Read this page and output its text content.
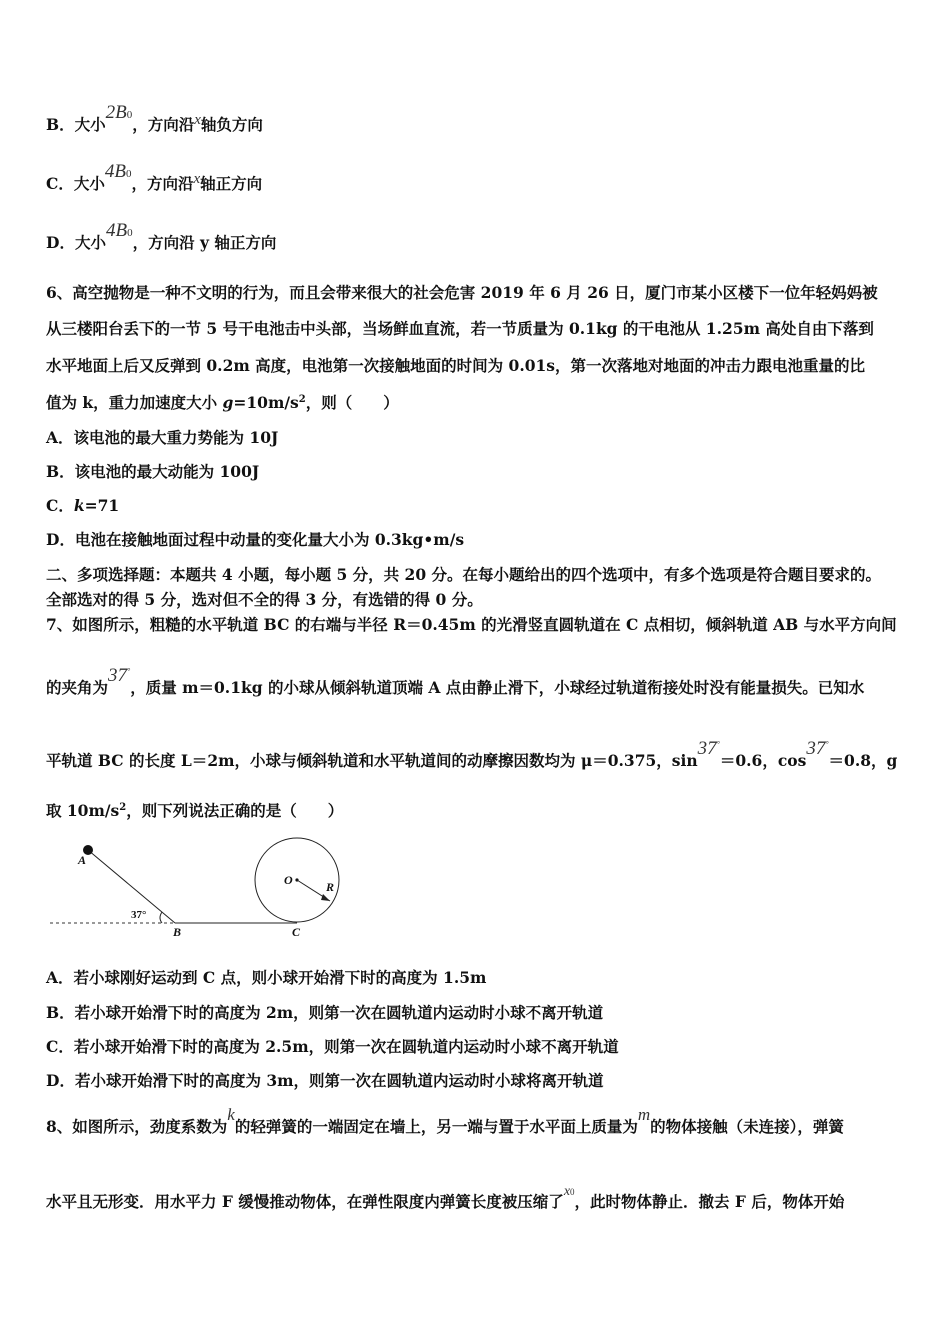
B．大小2B0，方向沿x轴负方向
C．大小4B0，方向沿x轴正方向
D．大小4B0，方向沿 y 轴正方向
6、高空抛物是一种不文明的行为，而且会带来很大的社会危害 2019 年 6 月 26 日，厦门市某小区楼下一位年轻妈妈被
从三楼阳台丢下的一节 5 号干电池击中头部，当场鲜血直流，若一节质量为 0.1kg 的干电池从 1.25m 高处自由下落到
水平地面上后又反弹到 0.2m 高度，电池第一次接触地面的时间为 0.01s，第一次落地对地面的冲击力跟电池重量的比
值为 k，重力加速度大小 $g=10m/s^2$，则（　　）
A．该电池的最大重力势能为 10J
B．该电池的最大动能为 100J
C．k=71
D．电池在接触地面过程中动量的变化量大小为 0.3kg•m/s
二、多项选择题：本题共 4 小题，每小题 5 分，共 20 分。在每小题给出的四个选项中，有多个选项是符合题目要求的。
全部选对的得 5 分，选对但不全的得 3 分，有选错的得 0 分。
7、如图所示，粗糙的水平轨道 BC 的右端与半径 R＝0.45m 的光滑竖直圆轨道在 C 点相切，倾斜轨道 AB 与水平方向间
的夹角为37°，质量 m＝0.1kg 的小球从倾斜轨道顶端 A 点由静止滑下，小球经过轨道衔接处时没有能量损失。已知水
平轨道 BC 的长度 L＝2m，小球与倾斜轨道和水平轨道间的动摩擦因数均为 μ＝0.375，sin37°＝0.6，cos37°＝0.8，g
取 $10m/s^2$，则下列说法正确的是（　　）
A
B	C
O	R
37°
A．若小球刚好运动到 C 点，则小球开始滑下时的高度为 1.5m
B．若小球开始滑下时的高度为 2m，则第一次在圆轨道内运动时小球不离开轨道
C．若小球开始滑下时的高度为 2.5m，则第一次在圆轨道内运动时小球不离开轨道
D．若小球开始滑下时的高度为 3m，则第一次在圆轨道内运动时小球将离开轨道
8、如图所示，劲度系数为k的轻弹簧的一端固定在墙上，另一端与置于水平面上质量为m的物体接触（未连接），弹簧
水平且无形变．用水平力 F 缓慢推动物体，在弹性限度内弹簧长度被压缩了x0，此时物体静止．撤去 F 后，物体开始
